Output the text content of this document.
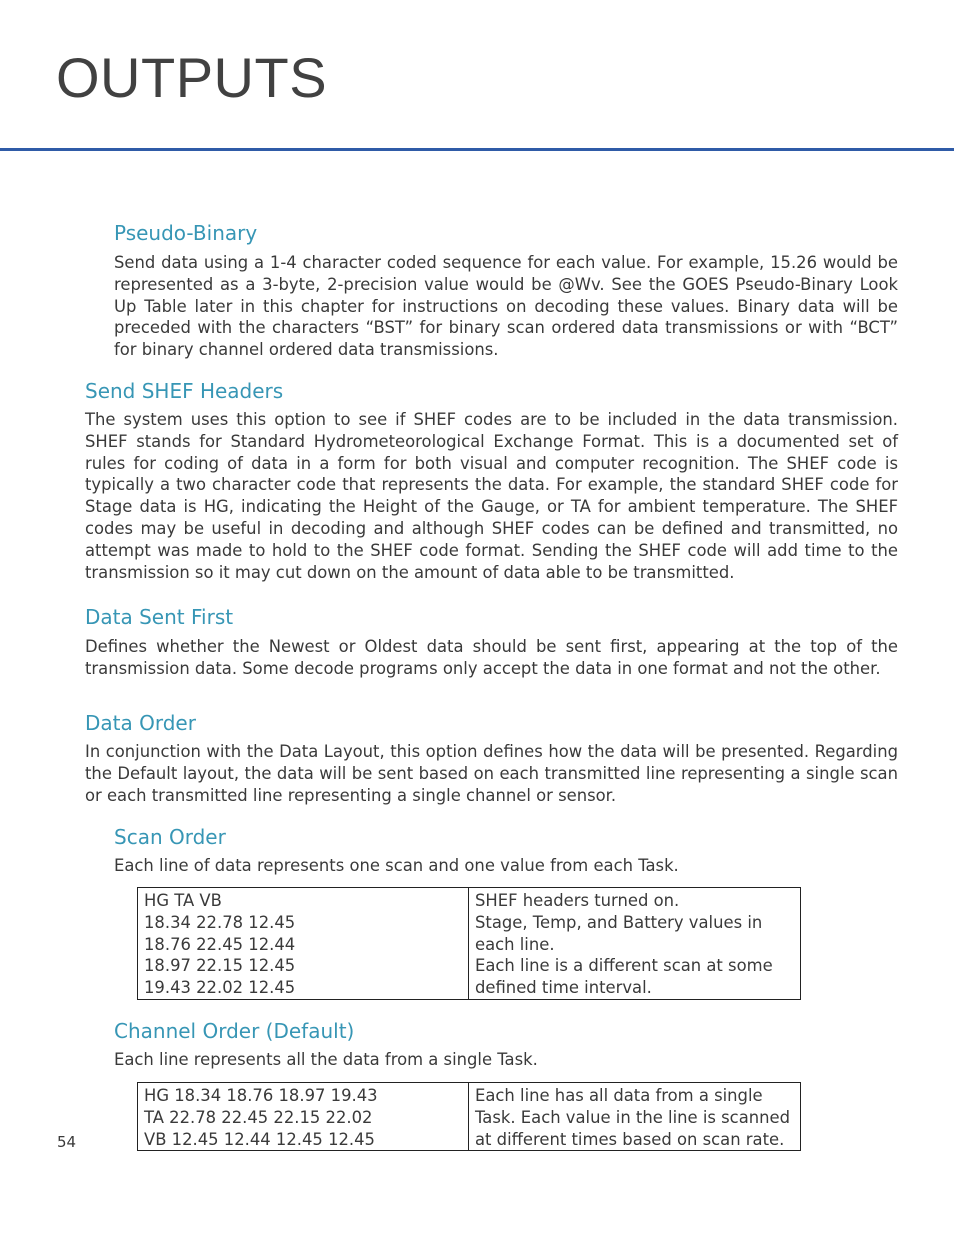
OUTPUTS
Pseudo-Binary

Send data using a 1-4 character coded sequence for each value. For example, 15.26 would be represented as a 3-byte, 2-precision value would be @Wv. See the GOES Pseudo-Binary Look Up Table later in this chapter for instructions on decoding these values. Binary data will be preceded with the characters “BST” for binary scan ordered data transmissions or with “BCT” for binary channel ordered data transmissions.

Send SHEF Headers

The system uses this option to see if SHEF codes are to be included in the data transmission. SHEF stands for Standard Hydrometeorological Exchange Format. This is a documented set of rules for coding of data in a form for both visual and computer recognition. The SHEF code is typically a two character code that represents the data. For example, the standard SHEF code for Stage data is HG, indicating the Height of the Gauge, or TA for ambient temperature. The SHEF codes may be useful in decoding and although SHEF codes can be defined and transmitted, no attempt was made to hold to the SHEF code format. Sending the SHEF code will add time to the transmission so it may cut down on the amount of data able to be transmitted.

Data Sent First

Defines whether the Newest or Oldest data should be sent first, appearing at the top of the transmission data. Some decode programs only accept the data in one format and not the other.

Data Order

In conjunction with the Data Layout, this option defines how the data will be presented. Regarding the Default layout, the data will be sent based on each transmitted line representing a single scan or each transmitted line representing a single channel or sensor.

Scan Order

Each line of data represents one scan and one value from each Task.

HG TA VB
18.34 22.78 12.45
18.76 22.45 12.44
18.97 22.15 12.45
19.43 22.02 12.45

SHEF headers turned on.
Stage, Temp, and Battery values in
each line.
Each line is a different scan at some
defined time interval.
Channel Order (Default)

Each line represents all the data from a single Task.

HG 18.34 18.76 18.97 19.43
TA 22.78 22.45 22.15 22.02
VB 12.45 12.44 12.45 12.45

Each line has all data from a single
Task. Each value in the line is scanned
at different times based on scan rate.
54
